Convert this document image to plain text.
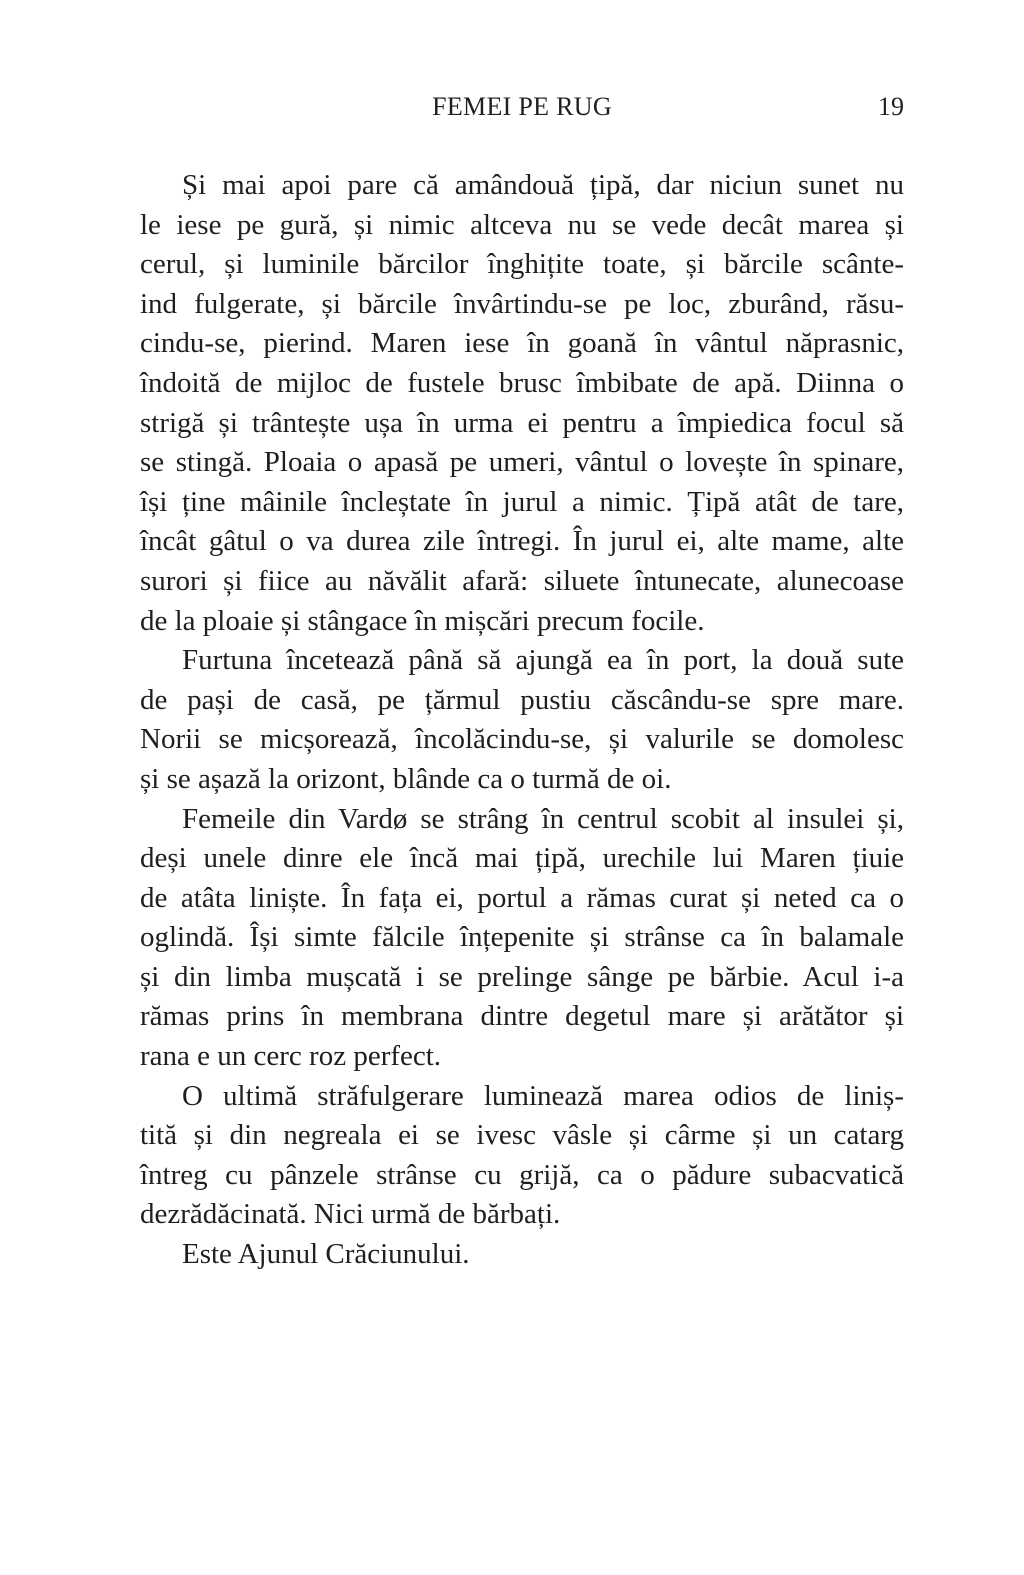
FEMEI PE RUG	19
Și mai apoi pare că amândouă țipă, dar niciun sunet nu
le iese pe gură, și nimic altceva nu se vede decât marea și
cerul, și luminile bărcilor înghițite toate, și bărcile scânte-
ind fulgerate, și bărcile învârtindu-se pe loc, zburând, răsu-
cindu-se, pierind. Maren iese în goană în vântul năprasnic,
îndoită de mijloc de fustele brusc îmbibate de apă. Diinna o
strigă și trântește ușa în urma ei pentru a împiedica focul să
se stingă. Ploaia o apasă pe umeri, vântul o lovește în spinare,
își ține mâinile încleștate în jurul a nimic. Țipă atât de tare,
încât gâtul o va durea zile întregi. În jurul ei, alte mame, alte
surori și fiice au năvălit afară: siluete întunecate, alunecoase
de la ploaie și stângace în mișcări precum focile.
Furtuna încetează până să ajungă ea în port, la două sute
de pași de casă, pe țărmul pustiu căscându-se spre mare.
Norii se micșorează, încolăcindu-se, și valurile se domolesc
și se așază la orizont, blânde ca o turmă de oi.
Femeile din Vardø se strâng în centrul scobit al insulei și,
deși unele dinre ele încă mai țipă, urechile lui Maren țiuie
de atâta liniște. În fața ei, portul a rămas curat și neted ca o
oglindă. Își simte fălcile înțepenite și strânse ca în balamale
și din limba mușcată i se prelinge sânge pe bărbie. Acul i-a
rămas prins în membrana dintre degetul mare și arătător și
rana e un cerc roz perfect.
O ultimă străfulgerare luminează marea odios de liniș-
tită și din negreala ei se ivesc vâsle și cârme și un catarg
întreg cu pânzele strânse cu grijă, ca o pădure subacvatică
dezrădăcinată. Nici urmă de bărbați.
Este Ajunul Crăciunului.
